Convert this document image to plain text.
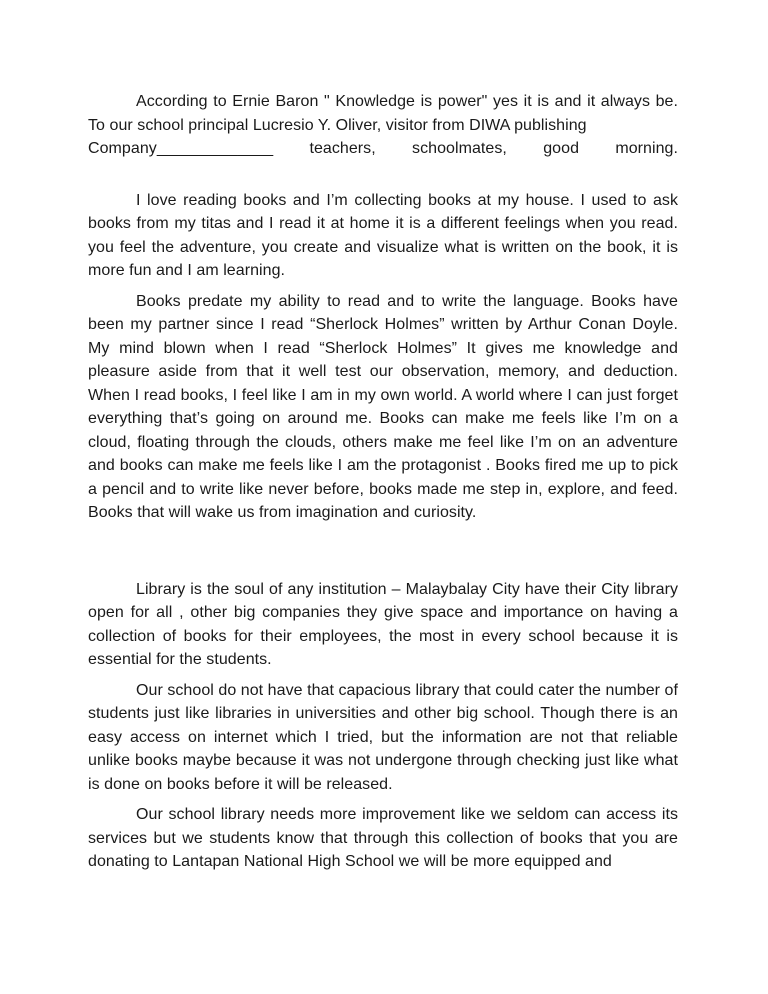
According to Ernie Baron " Knowledge is power" yes it is and it always be. To our school principal Lucresio Y. Oliver, visitor from DIWA publishing
Company_____________ teachers, schoolmates, good morning.

I love reading books and I’m collecting books at my house. I used to ask books from my titas and I read it at home it is a different feelings when you read. you feel the adventure, you create and visualize what is written on the book, it is more fun and I am learning.

Books predate my ability to read and to write the language. Books have been my partner since I read “Sherlock Holmes” written by Arthur Conan Doyle. My mind blown when I read “Sherlock Holmes” It gives me knowledge and pleasure aside from that it well test our observation, memory, and deduction. When I read books, I feel like I am in my own world. A world where I can just forget everything that’s going on around me. Books can make me feels like I’m on a cloud, floating through the clouds, others make me feel like I’m on an adventure and books can make me feels like I am the protagonist . Books fired me up to pick a pencil and to write like never before, books made me step in, explore, and feed. Books that will wake us from imagination and curiosity.

Library is the soul of any institution – Malaybalay City have their City library open for all , other big companies they give space and importance on having a collection of books for their employees, the most in every school because it is essential for the students.

Our school do not have that capacious library that could cater the number of students just like libraries in universities and other big school. Though there is an easy access on internet which I tried, but the information are not that reliable unlike books maybe because it was not undergone through checking just like what is done on books before it will be released.

Our school library needs more improvement like we seldom can access its services but we students know that through this collection of books that you are donating to Lantapan National High School we will be more equipped and
